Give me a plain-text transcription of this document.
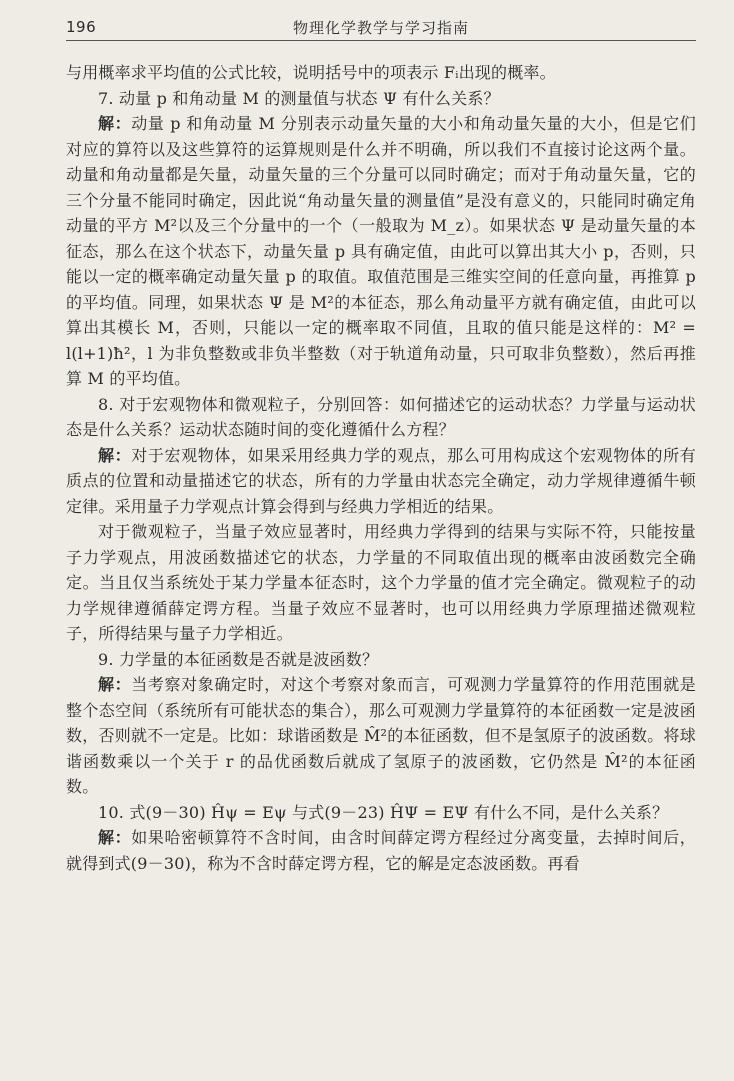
196	物理化学教学与学习指南

与用概率求平均值的公式比较，说明括号中的项表示 Fᵢ出现的概率。

7. 动量 p 和角动量 M 的测量值与状态 Ψ 有什么关系？

解：动量 p 和角动量 M 分别表示动量矢量的大小和角动量矢量的大小，但是它们对应的算符以及这些算符的运算规则是什么并不明确，所以我们不直接讨论这两个量。动量和角动量都是矢量，动量矢量的三个分量可以同时确定；而对于角动量矢量，它的三个分量不能同时确定，因此说“角动量矢量的测量值”是没有意义的，只能同时确定角动量的平方 M²以及三个分量中的一个（一般取为 M_z）。如果状态 Ψ 是动量矢量的本征态，那么在这个状态下，动量矢量 p 具有确定值，由此可以算出其大小 p，否则，只能以一定的概率确定动量矢量 p 的取值。取值范围是三维实空间的任意向量，再推算 p 的平均值。同理，如果状态 Ψ 是 M²的本征态，那么角动量平方就有确定值，由此可以算出其模长 M，否则，只能以一定的概率取不同值，且取的值只能是这样的：M² = l(l+1)ħ²，l 为非负整数或非负半整数（对于轨道角动量，只可取非负整数），然后再推算 M 的平均值。

8. 对于宏观物体和微观粒子，分别回答：如何描述它的运动状态？力学量与运动状态是什么关系？运动状态随时间的变化遵循什么方程？

解：对于宏观物体，如果采用经典力学的观点，那么可用构成这个宏观物体的所有质点的位置和动量描述它的状态，所有的力学量由状态完全确定，动力学规律遵循牛顿定律。采用量子力学观点计算会得到与经典力学相近的结果。

对于微观粒子，当量子效应显著时，用经典力学得到的结果与实际不符，只能按量子力学观点，用波函数描述它的状态，力学量的不同取值出现的概率由波函数完全确定。当且仅当系统处于某力学量本征态时，这个力学量的值才完全确定。微观粒子的动力学规律遵循薛定谔方程。当量子效应不显著时，也可以用经典力学原理描述微观粒子，所得结果与量子力学相近。

9. 力学量的本征函数是否就是波函数？

解：当考察对象确定时，对这个考察对象而言，可观测力学量算符的作用范围就是整个态空间（系统所有可能状态的集合），那么可观测力学量算符的本征函数一定是波函数，否则就不一定是。比如：球谐函数是 M̂²的本征函数，但不是氢原子的波函数。将球谐函数乘以一个关于 r 的品优函数后就成了氢原子的波函数，它仍然是 M̂²的本征函数。

10. 式(9－30) Ĥψ = Eψ 与式(9－23) ĤΨ = EΨ 有什么不同，是什么关系？

解：如果哈密顿算符不含时间，由含时间薛定谔方程经过分离变量，去掉时间后，就得到式(9－30)，称为不含时薛定谔方程，它的解是定态波函数。再看
